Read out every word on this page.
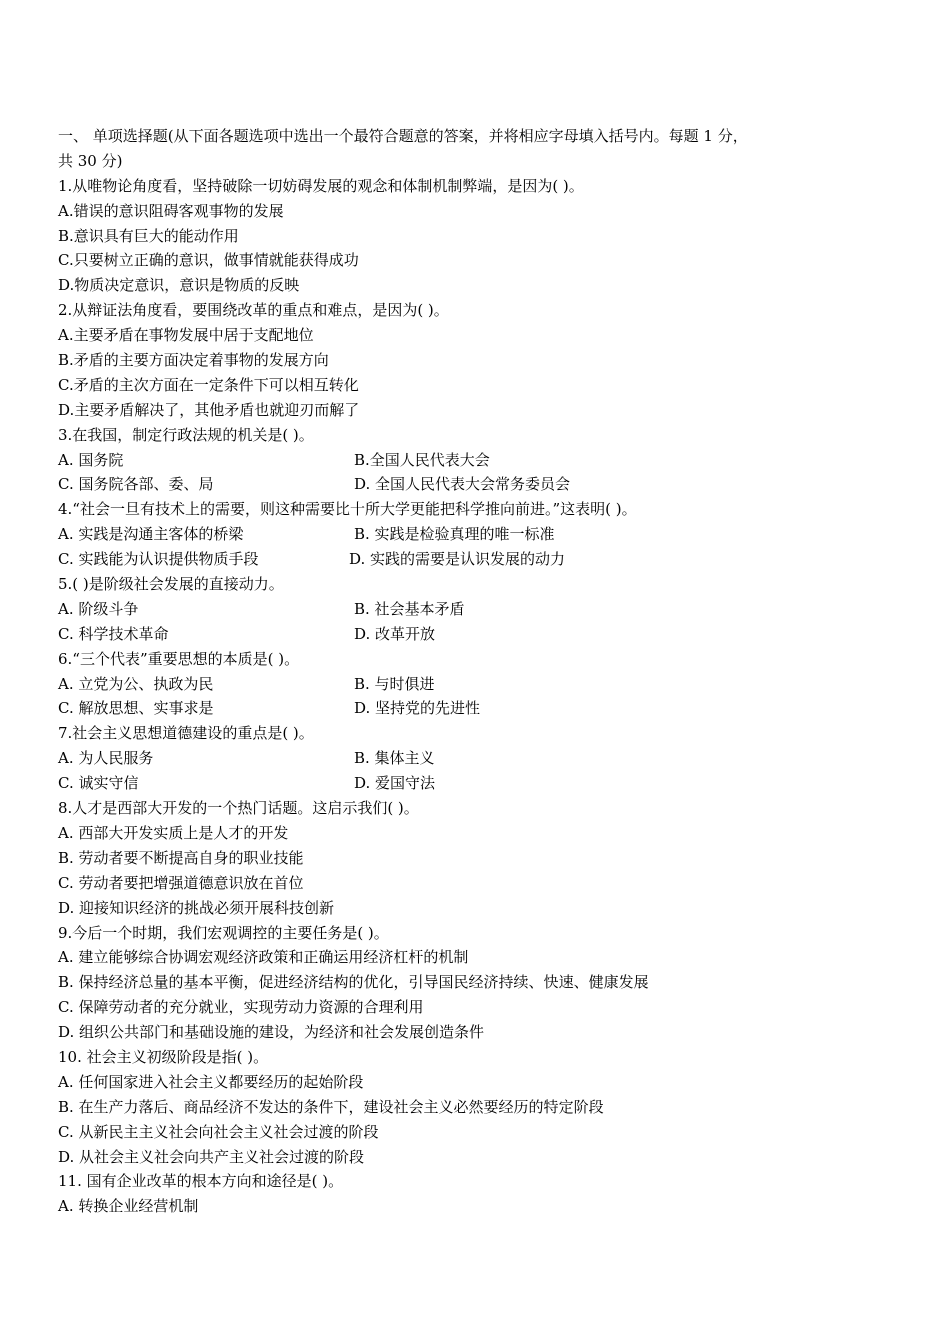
一、 单项选择题(从下面各题选项中选出一个最符合题意的答案，并将相应字母填入括号内。每题 1 分，
共 30 分)
1.从唯物论角度看，坚持破除一切妨碍发展的观念和体制机制弊端，是因为( )。
A.错误的意识阻碍客观事物的发展
B.意识具有巨大的能动作用
C.只要树立正确的意识，做事情就能获得成功
D.物质决定意识，意识是物质的反映
2.从辩证法角度看，要围绕改革的重点和难点，是因为( )。
A.主要矛盾在事物发展中居于支配地位
B.矛盾的主要方面决定着事物的发展方向
C.矛盾的主次方面在一定条件下可以相互转化
D.主要矛盾解决了，其他矛盾也就迎刃而解了
3.在我国，制定行政法规的机关是( )。
A. 国务院	B.全国人民代表大会
C. 国务院各部、委、局	D. 全国人民代表大会常务委员会
4.“社会一旦有技术上的需要，则这种需要比十所大学更能把科学推向前进。”这表明( )。
A. 实践是沟通主客体的桥梁	B. 实践是检验真理的唯一标准
C. 实践能为认识提供物质手段	D. 实践的需要是认识发展的动力
5.( )是阶级社会发展的直接动力。
A. 阶级斗争	B. 社会基本矛盾
C. 科学技术革命	D. 改革开放
6.“三个代表”重要思想的本质是( )。
A. 立党为公、执政为民	B. 与时俱进
C. 解放思想、实事求是	D. 坚持党的先进性
7.社会主义思想道德建设的重点是( )。
A. 为人民服务	B. 集体主义
C. 诚实守信	D. 爱国守法
8.人才是西部大开发的一个热门话题。这启示我们( )。
A. 西部大开发实质上是人才的开发
B. 劳动者要不断提高自身的职业技能
C. 劳动者要把增强道德意识放在首位
D. 迎接知识经济的挑战必须开展科技创新
9.今后一个时期，我们宏观调控的主要任务是( )。
A. 建立能够综合协调宏观经济政策和正确运用经济杠杆的机制
B. 保持经济总量的基本平衡，促进经济结构的优化，引导国民经济持续、快速、健康发展
C. 保障劳动者的充分就业，实现劳动力资源的合理利用
D. 组织公共部门和基础设施的建设，为经济和社会发展创造条件
10. 社会主义初级阶段是指( )。
A. 任何国家进入社会主义都要经历的起始阶段
B. 在生产力落后、商品经济不发达的条件下，建设社会主义必然要经历的特定阶段
C. 从新民主主义社会向社会主义社会过渡的阶段
D. 从社会主义社会向共产主义社会过渡的阶段
11. 国有企业改革的根本方向和途径是( )。
A. 转换企业经营机制
